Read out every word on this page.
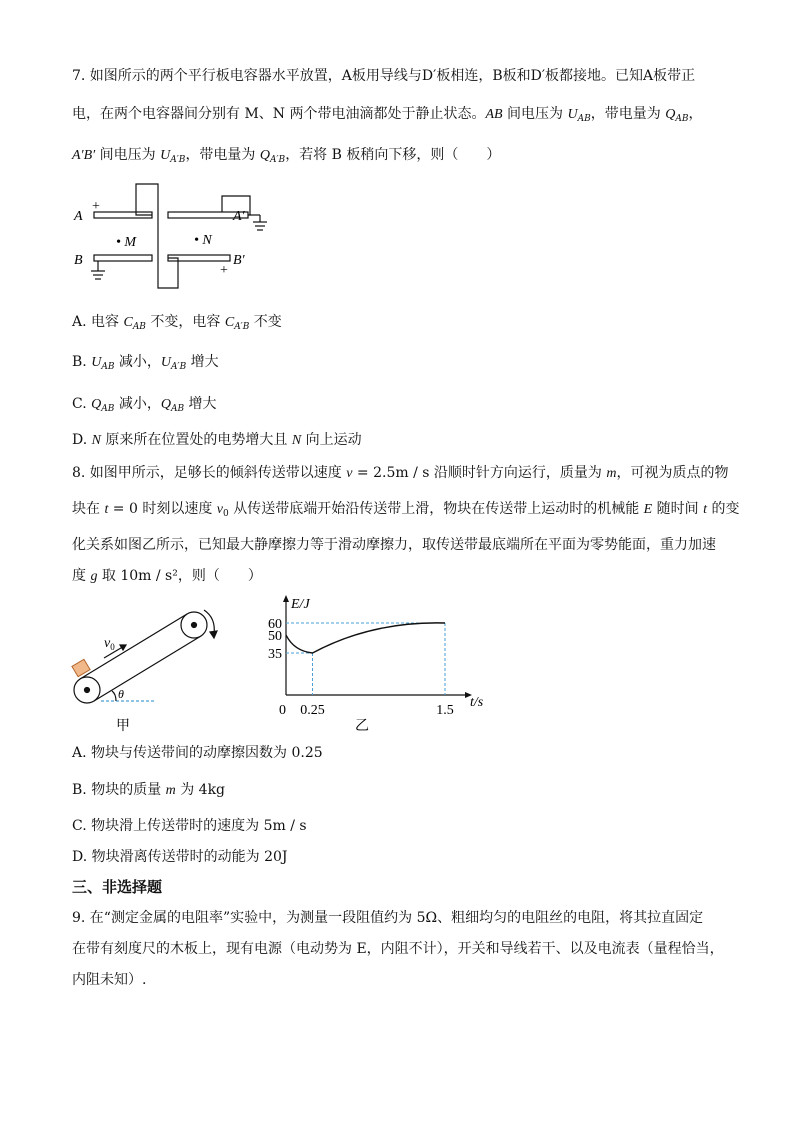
7. 如图所示的两个平行板电容器水平放置，A板用导线与D′板相连，B板和D′板都接地。已知A板带正
电，在两个电容器间分别有 M、N 两个带电油滴都处于静止状态。AB 间电压为 $U_{AB}$，带电量为 $Q_{AB}$，
A′B′ 间电压为 $U_{A'B}$，带电量为 $Q_{A'B}$，若将 B 板稍向下移，则（　　）
A
B
A′
B′
+
+
• M	• N
A. 电容 $C_{AB}$ 不变，电容 $C_{A'B}$ 不变
B. $U_{AB}$ 减小，$U_{A'B}$ 增大
C. $Q_{AB}$ 减小，$Q_{AB}$ 增大
D. N 原来所在位置处的电势增大且 N 向上运动
8. 如图甲所示，足够长的倾斜传送带以速度 v = 2.5m / s 沿顺时针方向运行，质量为 m，可视为质点的物
块在 t = 0 时刻以速度 $v_0$ 从传送带底端开始沿传送带上滑，物块在传送带上运动时的机械能 E 随时间 t 的变
化关系如图乙所示，已知最大静摩擦力等于滑动摩擦力，取传送带最底端所在平面为零势能面，重力加速
度 g 取 10m / s²，则（　　）
$v_0$
θ
甲
E/J
t/s
0
乙
60
50
35
0.25	1.5
A. 物块与传送带间的动摩擦因数为 0.25
B. 物块的质量 m 为 4kg
C. 物块滑上传送带时的速度为 5m / s
D. 物块滑离传送带时的动能为 20J
三、非选择题
9. 在“测定金属的电阻率”实验中，为测量一段阻值约为 5Ω、粗细均匀的电阻丝的电阻，将其拉直固定
在带有刻度尺的木板上，现有电源（电动势为 E，内阻不计），开关和导线若干、以及电流表（量程恰当，
内阻未知）.
